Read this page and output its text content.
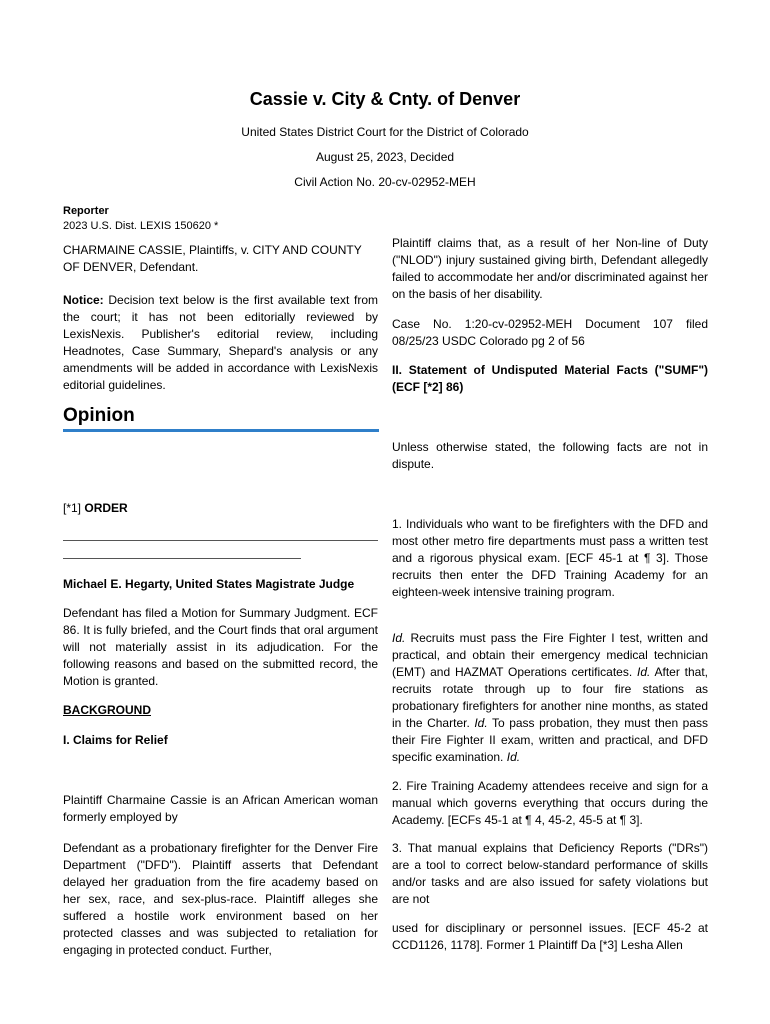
Cassie v. City & Cnty. of Denver
United States District Court for the District of Colorado
August 25, 2023, Decided
Civil Action No. 20-cv-02952-MEH
Reporter
2023 U.S. Dist. LEXIS 150620 *

CHARMAINE CASSIE, Plaintiffs, v. CITY AND COUNTY OF DENVER, Defendant.

Notice: Decision text below is the first available text from the court; it has not been editorially reviewed by LexisNexis. Publisher's editorial review, including Headnotes, Case Summary, Shepard's analysis or any amendments will be added in accordance with LexisNexis editorial guidelines.

[*1] ORDER

Michael E. Hegarty, United States Magistrate Judge

Defendant has filed a Motion for Summary Judgment. ECF 86. It is fully briefed, and the Court finds that oral argument will not materially assist in its adjudication. For the following reasons and based on the submitted record, the Motion is granted.

BACKGROUND

I. Claims for Relief

Plaintiff Charmaine Cassie is an African American woman formerly employed by

Defendant as a probationary firefighter for the Denver Fire Department ("DFD"). Plaintiff asserts that Defendant delayed her graduation from the fire academy based on her sex, race, and sex-plus-race. Plaintiff alleges she suffered a hostile work environment based on her protected classes and was subjected to retaliation for engaging in protected conduct. Further,

Opinion

Plaintiff claims that, as a result of her Non-line of Duty ("NLOD") injury sustained giving birth, Defendant allegedly failed to accommodate her and/or discriminated against her on the basis of her disability.

Case No. 1:20-cv-02952-MEH Document 107 filed 08/25/23 USDC Colorado pg 2 of 56

II. Statement of Undisputed Material Facts ("SUMF") (ECF [*2] 86)

Unless otherwise stated, the following facts are not in dispute.

1. Individuals who want to be firefighters with the DFD and most other metro fire departments must pass a written test and a rigorous physical exam. [ECF 45-1 at ¶ 3]. Those recruits then enter the DFD Training Academy for an eighteen-week intensive training program.

Id. Recruits must pass the Fire Fighter I test, written and practical, and obtain their emergency medical technician (EMT) and HAZMAT Operations certificates. Id. After that, recruits rotate through up to four fire stations as probationary firefighters for another nine months, as stated in the Charter. Id. To pass probation, they must then pass their Fire Fighter II exam, written and practical, and DFD specific examination. Id.

2. Fire Training Academy attendees receive and sign for a manual which governs everything that occurs during the Academy. [ECFs 45-1 at ¶ 4, 45-2, 45-5 at ¶ 3].

3. That manual explains that Deficiency Reports ("DRs") are a tool to correct below-standard performance of skills and/or tasks and are also issued for safety violations but are not

used for disciplinary or personnel issues. [ECF 45-2 at CCD1126, 1178]. Former 1 Plaintiff Da [*3] Lesha Allen
